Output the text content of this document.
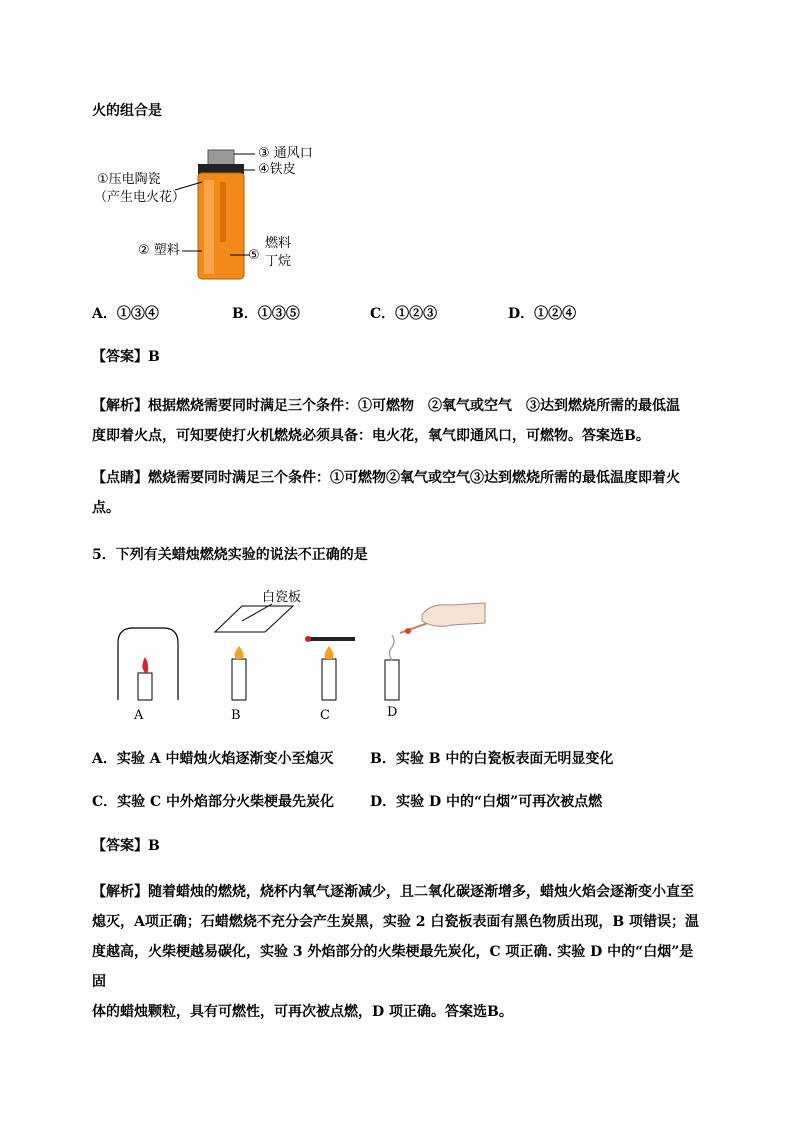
火的组合是
③ 通风口
④铁皮
①压电陶瓷
（产生电火花）
② 塑料	⑤
燃料
丁烷
A．①③④	B．①③⑤	C．①②③	D．①②④
【答案】B
【解析】根据燃烧需要同时满足三个条件：①可燃物　②氧气或空气　③达到燃烧所需的最低温
度即着火点，可知要使打火机燃烧必须具备：电火花，氧气即通风口，可燃物。答案选B。
【点睛】燃烧需要同时满足三个条件：①可燃物②氧气或空气③达到燃烧所需的最低温度即着火
点。
5．下列有关蜡烛燃烧实验的说法不正确的是
白瓷板
A	B	C	D
A．实验 A 中蜡烛火焰逐渐变小至熄灭	B．实验 B 中的白瓷板表面无明显变化
C．实验 C 中外焰部分火柴梗最先炭化	D．实验 D 中的“白烟”可再次被点燃
【答案】B
【解析】随着蜡烛的燃烧，烧杯内氧气逐渐减少，且二氧化碳逐渐增多，蜡烛火焰会逐渐变小直至
熄灭，A项正确；石蜡燃烧不充分会产生炭黑，实验 2 白瓷板表面有黑色物质出现，B 项错误；温
度越高，火柴梗越易碳化，实验 3 外焰部分的火柴梗最先炭化，C 项正确. 实验 D 中的“白烟”是固
体的蜡烛颗粒，具有可燃性，可再次被点燃，D 项正确。答案选B。
